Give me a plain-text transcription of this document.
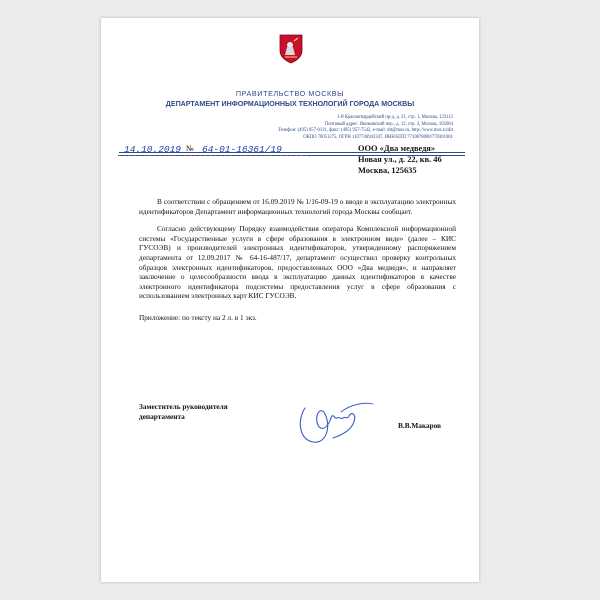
ПРАВИТЕЛЬСТВО МОСКВЫ
ДЕПАРТАМЕНТ ИНФОРМАЦИОННЫХ ТЕХНОЛОГИЙ ГОРОДА МОСКВЫ
1-й Красногвардейский пр-д, д. 21, стр. 1, Москва, 123112
Почтовый адрес: Якиманский пер., д. 12, стр. 3, Москва, 105064
Телефон: (495) 957-0131, факс: (495) 957-7542, e-mail: dit@mos.ru, http://www.mos.ru/dit
ОКПО 70051275, ОГРН 1107746943347, ИНН/КПП 7710878000/770301001
14.10.2019 № 64-01-16361/19	ООО «Два медведя»
Новая ул., д. 22, кв. 46
Москва, 125635

В соответствии с обращением от 16.09.2019 № 1/16-09-19 о вводе в эксплуатацию электронных идентификаторов Департамент информационных технологий города Москвы сообщает.

Согласно действующему Порядку взаимодействия оператора Комплексной информационной системы «Государственные услуги в сфере образования в электронном виде» (далее – КИС ГУСОЭВ) и производителей электронных идентификаторов, утвержденному распоряжением департамента от 12.09.2017 № 64-16-487/17, департамент осуществил проверку контрольных образцов электронных идентификаторов, предоставленных ООО «Два медведя», и направляет заключение о целесообразности ввода в эксплуатацию данных идентификаторов в качестве электронного идентификатора подсистемы предоставления услуг в сфере образования с использованием электронных карт КИС ГУСОЭВ.

Приложение: по тексту на 2 л. в 1 экз.

Заместитель руководителя
департамента
В.В.Макаров
